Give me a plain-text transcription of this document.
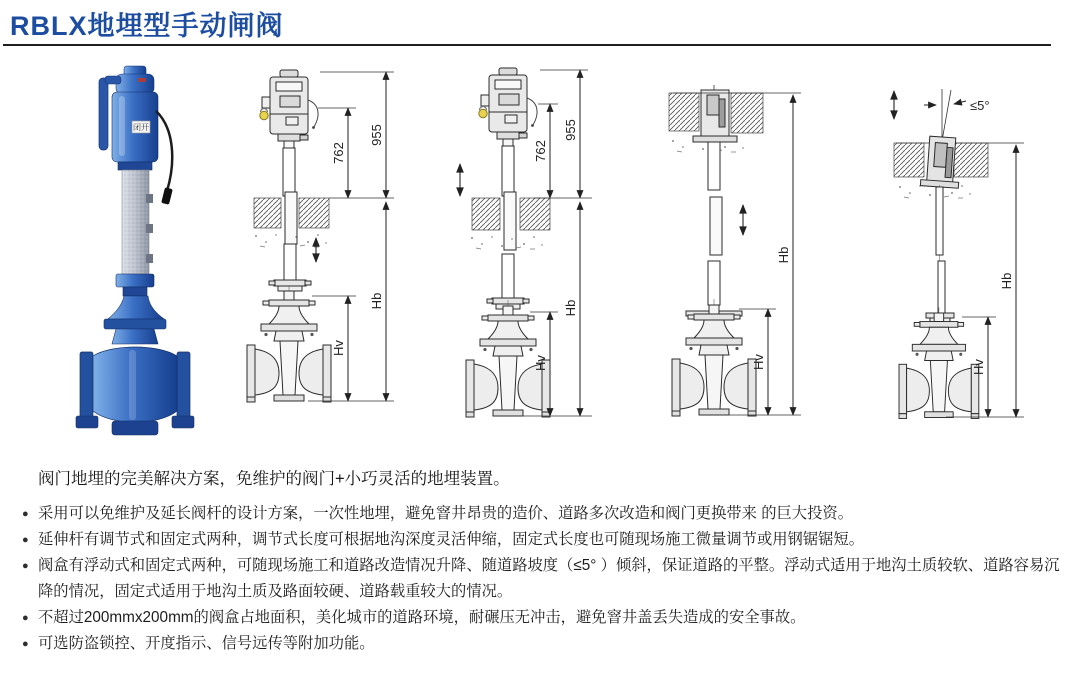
RBLX地埋型手动闸阀
闭开	955
762
Hb
Hv
955
762
Hb
Hv
Hb
Hv
≤5°
Hb
Hv

阀门地埋的完美解决方案，免维护的阀门+小巧灵活的地埋装置。

● 采用可以免维护及延长阀杆的设计方案，一次性地埋，避免窨井昂贵的造价、道路多次改造和阀门更换带来 的巨大投资。
● 延伸杆有调节式和固定式两种，调节式长度可根据地沟深度灵活伸缩，固定式长度也可随现场施工微量调节或用钢锯锯短。
● 阀盒有浮动式和固定式两种，可随现场施工和道路改造情况升降、随道路坡度（≤5° ）倾斜，保证道路的平整。浮动式适用于地沟土质较软、道路容易沉降的情况，固定式适用于地沟土质及路面较硬、道路载重较大的情况。
● 不超过200mmx200mm的阀盒占地面积，美化城市的道路环境，耐碾压无冲击，避免窨井盖丢失造成的安全事故。
● 可选防盗锁控、开度指示、信号远传等附加功能。
